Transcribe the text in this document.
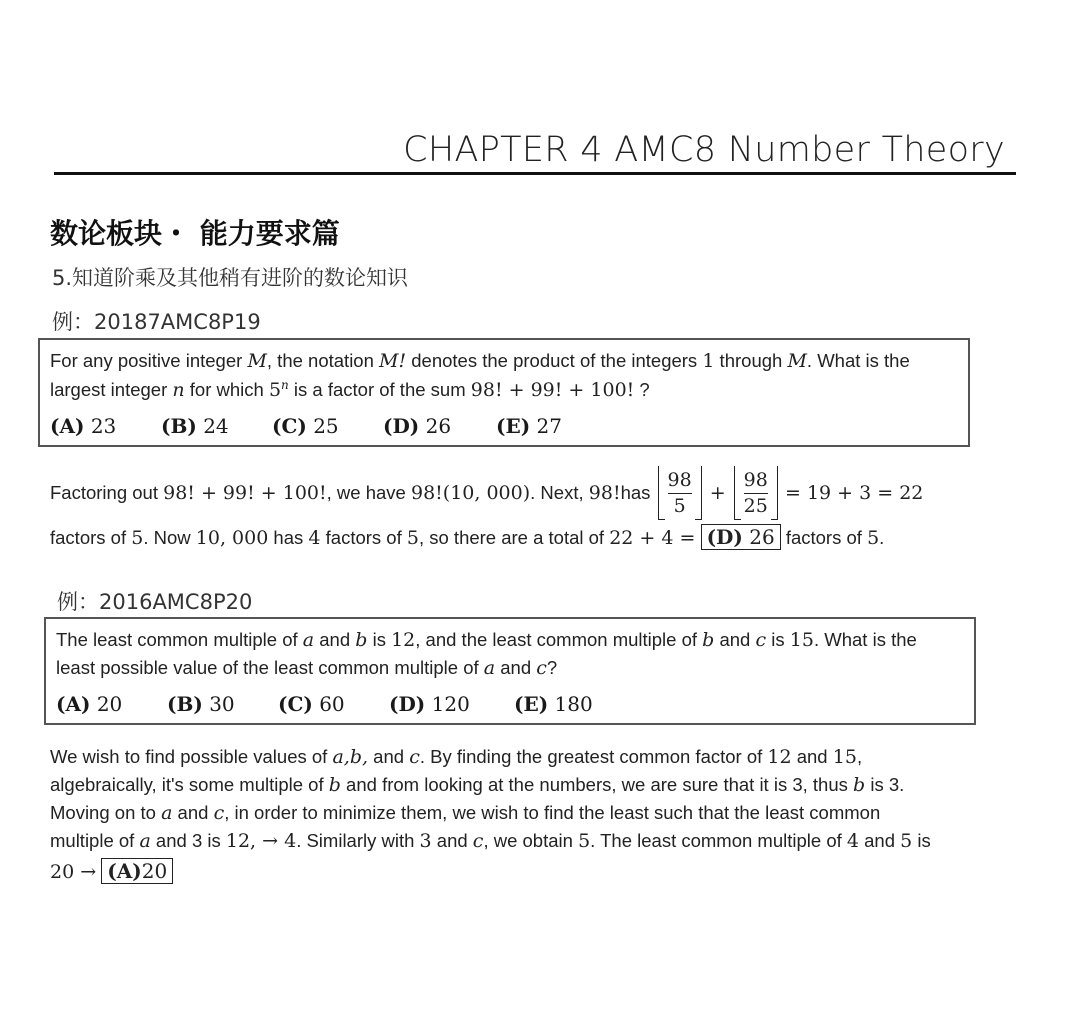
CHAPTER 4 AMC8 Number Theory
数论板块・ 能力要求篇
5.知道阶乘及其他稍有进阶的数论知识
例：20187AMC8P19
For any positive integer M, the notation M! denotes the product of the integers 1 through M. What is the
largest integer n for which 5$^n$ is a factor of the sum 98! + 99! + 100! ?
(A) 23 (B) 24 (C) 25 (D) 26 (E) 27
Factoring out
98! + 99! + 100! , we have
98!(10, 000) . Next,
98! has
$\frac{98}{5} + \frac{98}{25}$
= 19 + 3 = 22
factors of 5. Now 10, 000 has 4 factors of 5, so there are a total of 22 + 4 = (D) 26 factors of 5.
例：2016AMC8P20
The least common multiple of a and b is 12, and the least common multiple of b and c is 15. What is the
least possible value of the least common multiple of a and c?
(A) 20 (B) 30 (C) 60 (D) 120 (E) 180
We wish to find possible values of a,b, and c. By finding the greatest common factor of 12 and 15,
algebraically, it's some multiple of b and from looking at the numbers, we are sure that it is 3, thus b is 3.
Moving on to a and c, in order to minimize them, we wish to find the least such that the least common
multiple of a and 3 is 12, → 4. Similarly with 3 and c, we obtain 5. The least common multiple of 4 and 5 is
20 → (A)20
